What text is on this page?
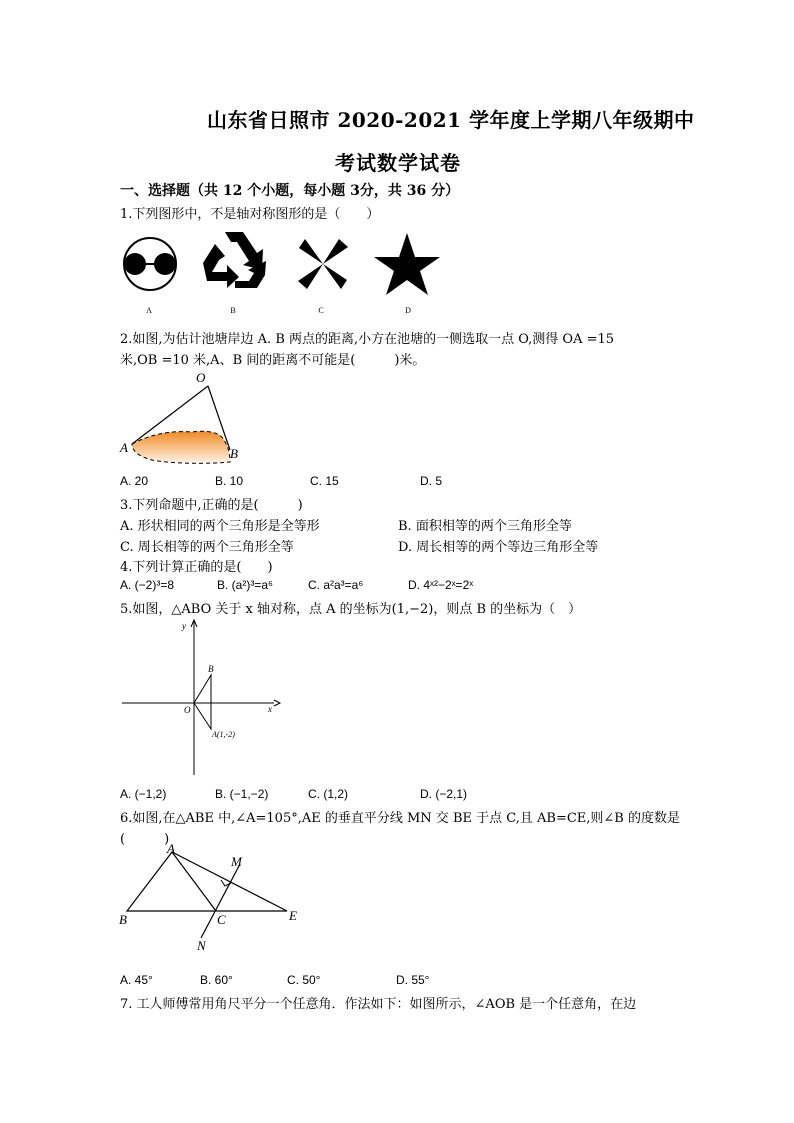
山东省日照市 2020-2021 学年度上学期八年级期中
考试数学试卷
一、选择题（共 12 个小题，每小题 3分，共 36 分）
1.下列图形中，不是轴对称图形的是（　　）
A	B	C	D
2.如图,为估计池塘岸边 A. B 两点的距离,小方在池塘的一侧选取一点 O,测得 OA =15
米,OB =10 米,A、B 间的距离不可能是(　　　)米。
O
A	B
A. 20	B. 10	C. 15	D. 5
3.下列命题中,正确的是(　　　)
A. 形状相同的两个三角形是全等形	B. 面积相等的两个三角形全等
C. 周长相等的两个三角形全等	D. 周长相等的两个等边三角形全等
4.下列计算正确的是(　　)
A. (−2)³=8	B. (a²)³=a⁶	C. a²a³=a⁶	D. 4ˣ²−2ˣ=2ˣ
5.如图，△ABO 关于 x 轴对称，点 A 的坐标为(1,−2)，则点 B 的坐标为（　）
y
x
O
B
A(1,-2)
A. (−1,2)	B. (−1,−2)	C. (1,2)	D. (−2,1)
6.如图,在△ABE 中,∠A=105°,AE 的垂直平分线 MN 交 BE 于点 C,且 AB=CE,则∠B 的度数是
(　　　)
A
M
B	C	E
N
A. 45°	B. 60°	C. 50°	D. 55°
7. 工人师傅常用角尺平分一个任意角．作法如下：如图所示，∠AOB 是一个任意角，在边
